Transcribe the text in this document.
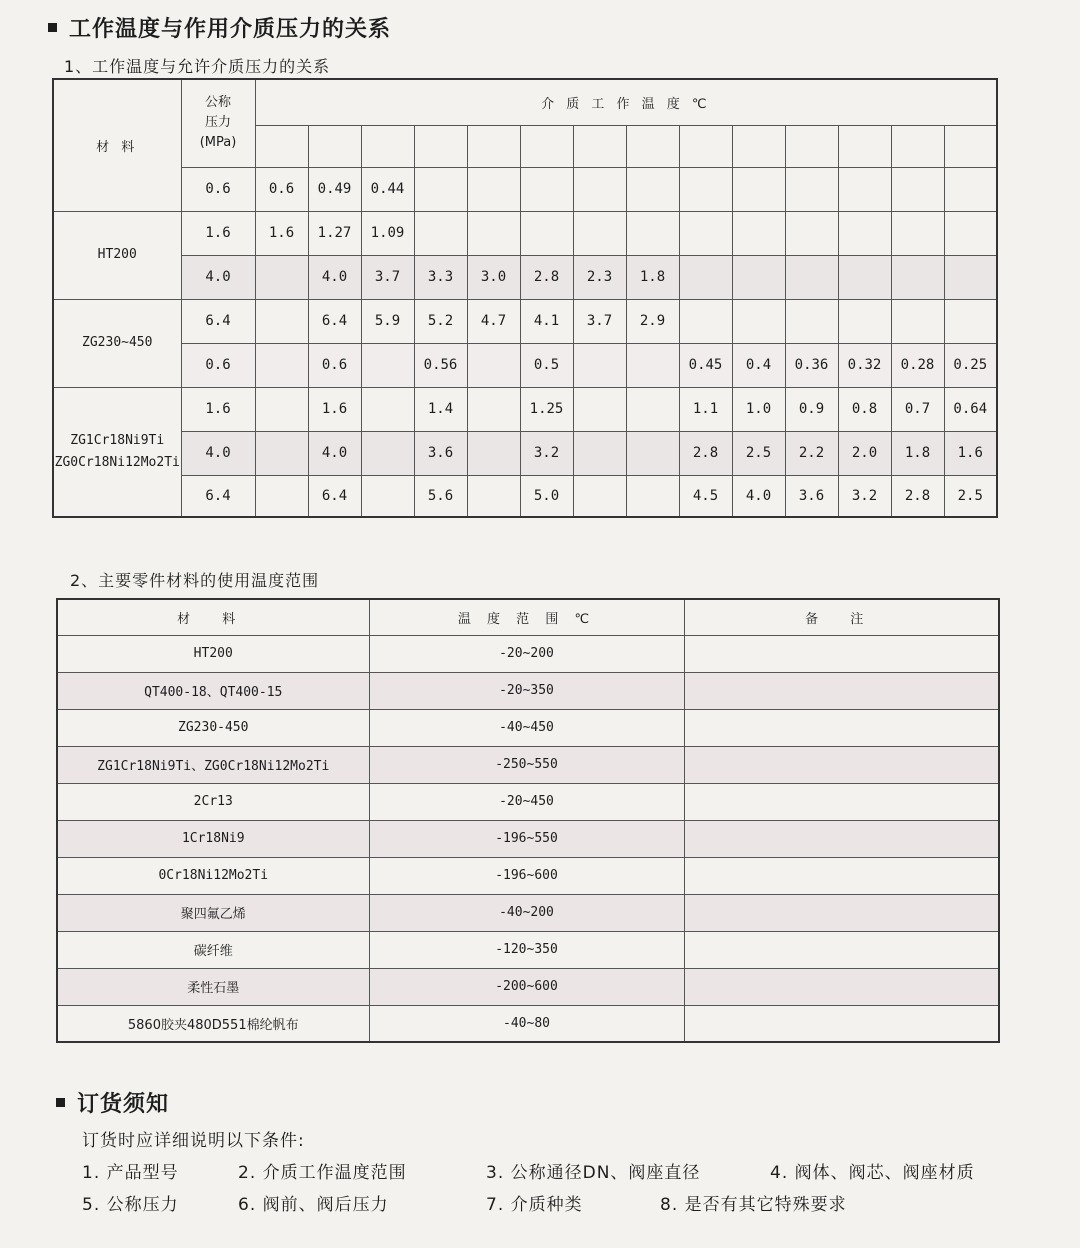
工作温度与作用介质压力的关系
1、工作温度与允许介质压力的关系
材 料	公称
压力
(MPa)	介 质 工 作 温 度 ℃													

	0.6	0.6	0.49	0.44											
HT200	1.6	1.6	1.27	1.09											
	4.0		4.0	3.7	3.3	3.0	2.8	2.3	1.8						
ZG230~450	6.4		6.4	5.9	5.2	4.7	4.1	3.7	2.9						
	0.6		0.6		0.56		0.5			0.45	0.4	0.36	0.32	0.28	0.25
ZG1Cr18Ni9Ti
ZG0Cr18Ni12Mo2Ti	1.6		1.6		1.4		1.25			1.1	1.0	0.9	0.8	0.7	0.64
	4.0		4.0		3.6		3.2			2.8	2.5	2.2	2.0	1.8	1.6
	6.4		6.4		5.6		5.0			4.5	4.0	3.6	3.2	2.8	2.5
2、主要零件材料的使用温度范围
材 料	温 度 范 围 ℃	备 注
HT200	-20~200	
QT400-18、QT400-15	-20~350	
ZG230-450	-40~450	
ZG1Cr18Ni9Ti、ZG0Cr18Ni12Mo2Ti	-250~550	
2Cr13	-20~450	
1Cr18Ni9	-196~550	
0Cr18Ni12Mo2Ti	-196~600	
聚四氟乙烯	-40~200	
碳纤维	-120~350	
柔性石墨	-200~600	
5860胶夹480D551棉纶帆布	-40~80	
订货须知
订货时应详细说明以下条件:
1. 产品型号	2. 介质工作温度范围	3. 公称通径DN、阀座直径	4. 阀体、阀芯、阀座材质
5. 公称压力	6. 阀前、阀后压力	7. 介质种类	8. 是否有其它特殊要求
